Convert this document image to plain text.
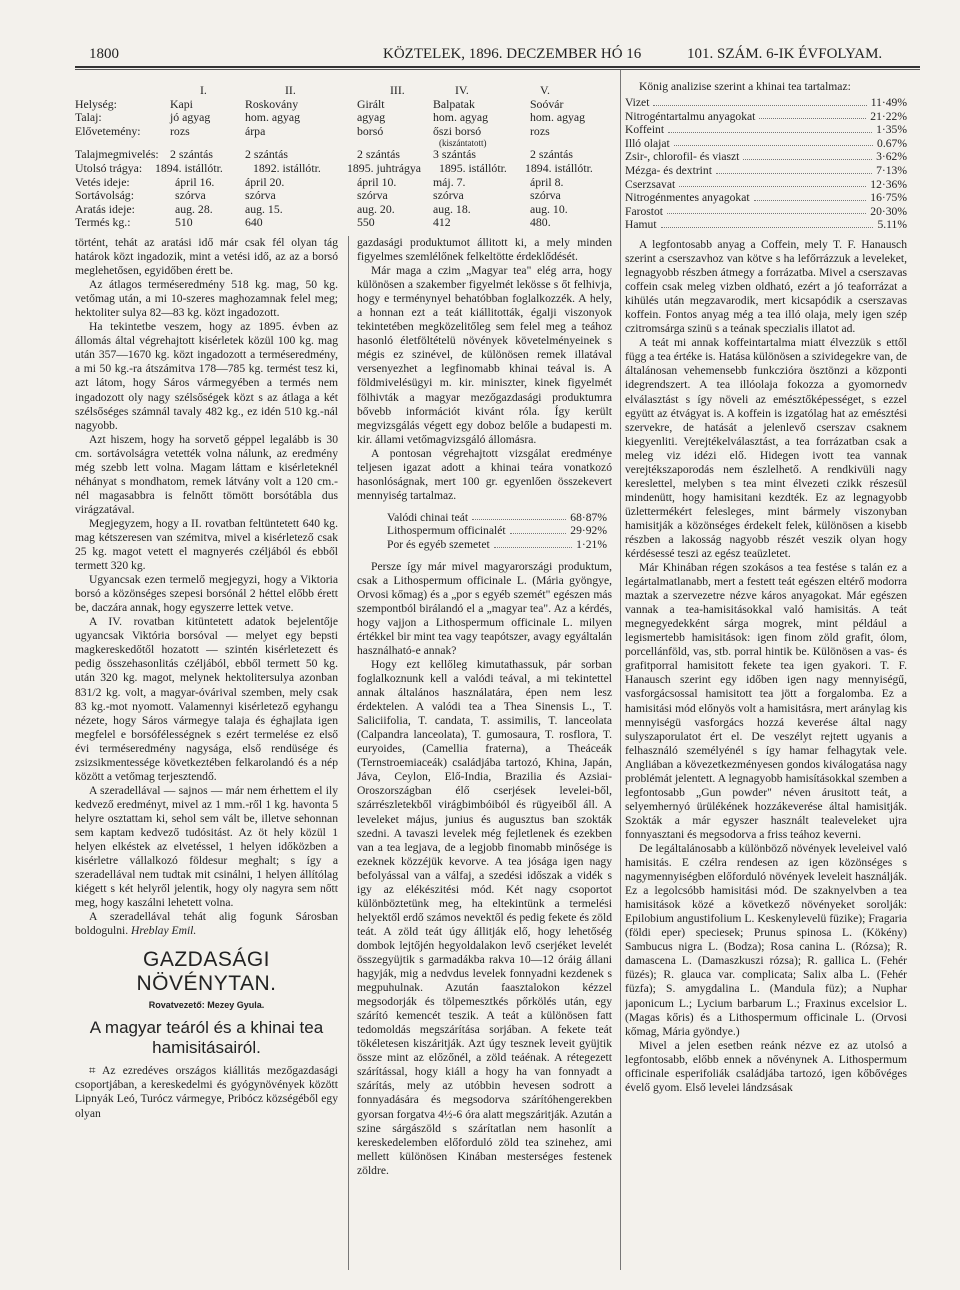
1800	KÖZTELEK, 1896. DECZEMBER HÓ 16	101. SZÁM. 6-IK ÉVFOLYAM.
I.	II.	III.	IV.	V.
Helység:	Kapi	Roskovány	Girált	Balpatak	Soóvár
Talaj:	jó agyag	hom. agyag	agyag	hom. agyag	hom. agyag
Elővetemény: rozs	árpa	borsó	őszi borsó	rozs
(kiszántatott)
Talajmegmivelés: 2 szántás	2 szántás	2 szántás	3 szántás	2 szántás
Utolsó trágya: 1894. istállótr.	1892. istállótr. 1895. juhtrágya 1895. istállótr. 1894. istállótr.
Vetés ideje:	ápril 16.	ápril 20.	ápril 10.	máj. 7.	ápril 8.
Sortávolság:	szórva	szórva	szórva	szórva	szórva
Aratás ideje:	aug. 28.	aug. 15.	aug. 20.	aug. 18.	aug. 10.
Termés kg.:	510	640	550	412	480.

történt, tehát az aratási idő már csak fél olyan tág határok közt ingadozik, mint a vetési idő, az az a borsó meglehetősen, egyidőben érett be.

Az átlagos terméseredmény 518 kg. mag, 50 kg. vetőmag után, a mi 10-szeres maghozamnak felel meg; hektoliter sulya 82—83 kg. közt ingadozott.

Ha tekintetbe veszem, hogy az 1895. évben az állomás által végrehajtott kisérletek közül 100 kg. mag után 357—1670 kg. közt ingadozott a terméseredmény, a mi 50 kg.-ra átszámitva 178—785 kg. termést tesz ki, azt látom, hogy Sáros vármegyében a termés nem ingadozott oly nagy szélsőségek közt s az átlaga a két szélsőséges számnál tavaly 482 kg., ez idén 510 kg.-nál nagyobb.

Azt hiszem, hogy ha sorvető géppel legalább is 30 cm. sortávolságra vetették volna nálunk, az eredmény még szebb lett volna. Magam láttam e kisérleteknél néhányat s mondhatom, remek látvány volt a 120 cm.-nél magasabbra is felnőtt tömött borsótábla dus virágzatával.

Megjegyzem, hogy a II. rovatban feltüntetett 640 kg. mag kétszeresen van szémitva, mivel a kisérletező csak 25 kg. magot vetett el magnyerés czéljából és ebből termett 320 kg.

Ugyancsak ezen termelő megjegyzi, hogy a Viktoria borsó a közönséges szepesi borsónál 2 héttel előbb érett be, daczára annak, hogy egyszerre lettek vetve.

A IV. rovatban kitüntetett adatok bejelentője ugyancsak Viktória borsóval — melyet egy bepsti magkereskedőtől hozatott — szintén kisérletezett és pedig összehasonlitás czéljából, ebből termett 50 kg. után 320 kg. magot, melynek hektolitersulya azonban 831/2 kg. volt, a magyar-óvárival szemben, mely csak 83 kg.-mot nyomott. Valamennyi kisérletező egyhangu nézete, hogy Sáros vármegye talaja és éghajlata igen megfelel e borsófélességnek s ezért termelése ez első évi terméseredmény nagysága, első rendüsége és zsizsikmentessége következtében felkarolandó és a nép között a vetőmag terjesztendő.

A szeradellával — sajnos — már nem érhettem el ily kedvező eredményt, mivel az 1 mm.-ről 1 kg. havonta 5 helyre osztattam ki, sehol sem vált be, illetve sehonnan sem kaptam kedvező tudósitást. Az öt hely közül 1 helyen elkéstek az elvetéssel, 1 helyen időközben a kisérletre vállalkozó földesur meghalt; s így a szeradellával nem tudtak mit csinálni, 1 helyen állítólag kiégett s két helyről jelentik, hogy oly nagyra sem nőtt meg, hogy kaszálni lehetett volna.

A szeradellával tehát alig fogunk Sárosban boldogulni. Hreblay Emil.

GAZDASÁGI NÖVÉNYTAN.
Rovatvezető: Mezey Gyula.
A magyar teáról és a khinai tea hamisitásairól.

⌗ Az ezredéves országos kiállitás mezőgazdasági csoportjában, a kereskedelmi és gyógynövények között Lipnyák Leó, Turócz vármegye, Pribócz községéből egy olyan

gazdasági produktumot állitott ki, a mely minden figyelmes szemlélőnek felkeltötte érdeklődését.

Már maga a czim „Magyar tea" elég arra, hogy különösen a szakember figyelmét lekösse s őt felhivja, hogy e terménynyel behatóbban foglalkozzék. A hely, a honnan ezt a teát kiállitották, égalji viszonyok tekintetében megközelitőleg sem felel meg a teához hasonló életföltételü növények követelményeinek s mégis ez szinével, de különösen remek illatával versenyezhet a legfinomabb khinai teával is. A földmivelésügyi m. kir. miniszter, kinek figyelmét fölhivták a magyar mezőgazdasági produktumra bővebb információt kivánt róla. Így került megvizsgálás végett egy doboz belőle a budapesti m. kir. állami vetőmagvizsgáló állomásra.

A pontosan végrehajtott vizsgálat eredménye teljesen igazat adott a khinai teára vonatkozó hasonlóságnak, mert 100 gr. egyenlően összekevert mennyiség tartalmaz.

Valódi chinai teát	68·87%
Lithospermum officinalét	29·92%
Por és egyéb szemetet	1·21%

Persze így már mivel magyarországi produktum, csak a Lithospermum officinale L. (Mária gyöngye, Orvosi kőmag) és a „por s egyéb szemét" egészen más szempontból birálandó el a „magyar tea". Az a kérdés, hogy vajjon a Lithospermum officinale L. milyen értékkel bir mint tea vagy teapótszer, avagy egyáltalán használható-e annak?

Hogy ezt kellőleg kimutathassuk, pár sorban foglalkoznunk kell a valódi teával, a mi tekintettel annak általános használatára, épen nem lesz érdektelen. A valódi tea a Thea Sinensis L., T. Saliciifolia, T. candata, T. assimilis, T. lanceolata (Calpandra lanceolata), T. gumosaura, T. rosflora, T. euryoides, (Camellia fraterna), a Theáceák (Ternstroemiaceák) családjába tartozó, Khina, Japán, Jáva, Ceylon, Elő-India, Brazilia és Azsiai-Oroszországban élő cserjések levelei-ből, szárrészletekből virágbimbóiból és rügyeiből áll. A leveleket május, junius és augusztus ban szokták szedni. A tavaszi levelek még fejletlenek és ezekben van a tea legjava, de a legjobb finomabb minősége is ezeknek közzéjük kevorve. A tea jósága igen nagy befolyással van a válfaj, a szedési időszak a vidék s igy az elékészitési mód. Két nagy csoportot különböztetünk meg, ha eltekintünk a termelési helyektől erdő számos nevektől és pedig fekete és zöld teát. A zöld teát úgy állitják elő, hogy lehetőség dombok lejtőjén hegyoldalakon levő cserjéket levelét összegyüjtik s garmadákba rakva 10—12 óráig állani hagyják, mig a nedvdus levelek fonnyadni kezdenek s megpuhulnak. Azután faasztalokon kézzel megsodorják és tölpemesztkés pőrkölés után, egy szárító kemencét teszik. A teát a különösen fatt tedomoldás megszárítása sorjában. A fekete teát tökéletesen kiszáritják. Azt úgy tesznek leveit gyüjtik össze mint az előzőnél, a zöld teáénak. A rétegezett szárítással, hogy kiáll a hogy ha van fonnyadt a szárítás, mely az utóbbin hevesen sodrott a fonnyadására és megsodorva szárítóhengerekben gyorsan forgatva 4½-6 óra alatt megszáritják. Azután a szine sárgászöld s szárítatlan nem hasonlít a kereskedelemben előforduló zöld tea szinehez, ami mellett különösen Kinában mesterséges festenek zöldre.

König analizise szerint a khinai tea tartalmaz:

Vizet	11·49%
Nitrogéntartalmu anyagokat	21·22%
Koffeint	1·35%
Illó olajat	0.67%
Zsir-, chlorofil- és viaszt	3·62%
Mézga- és dextrint	7·13%
Cserzsavat	12·36%
Nitrogénmentes anyagokat	16·75%
Farostot	20·30%
Hamut	5.11%

A legfontosabb anyag a Coffein, mely T. F. Hanausch szerint a cserszavhoz van kötve s ha lefőrrázzuk a leveleket, legnagyobb részben átmegy a forrázatba. Mivel a cserszavas coffein csak meleg vizben oldható, ezért a jó teaforrázat a kihülés után megzavarodik, mert kicsapódik a cserszavas koffein. Fontos anyag még a tea illó olaja, mely igen szép czitromsárga szinü s a teának speczialis illatot ad.

A teát mi annak koffeintartalma miatt élvezzük s ettől függ a tea értéke is. Hatása különösen a szividegekre van, de általánosan vehemensebb funkczióra ösztönzi a központi idegrendszert. A tea illóolaja fokozza a gyomornedv elválasztást s így növeli az emésztőképességet, s ezzel együtt az étvágyat is. A koffein is izgatólag hat az emésztési szervekre, de hatását a jelenlevő cserszav csaknem kiegyenliti. Verejtékelválasztást, a tea forrázatban csak a meleg viz idézi elő. Hidegen ivott tea vannak verejtékszaporodás nem észlelhető. A rendkivüli nagy kereslettel, melyben s tea mint élvezeti czikk részesül mindenütt, hogy hamisitani kezdték. Ez az legnagyobb üzlettermékért felesleges, mint bármely viszonyban hamisitják a közönséges érdekelt felek, különösen a kisebb részben a lakosság nagyobb részét veszik olyan hogy kérdésessé teszi az egész teaüzletet.

Már Khinában régen szokásos a tea festése s talán ez a legártalmatlanabb, mert a festett teát egészen eltérő modorra maztak a szervezetre nézve káros anyagokat. Már egészen vannak a tea-hamisitásokkal való hamisitás. A teát megnegyedekként sárga mogrek, mint például a legismertebb hamisitások: igen finom zöld grafit, ólom, porcellánföld, vas, stb. porral hintik be. Különösen a vas- és grafitporral hamisitott fekete tea igen gyakori. T. F. Hanausch szerint egy időben igen nagy mennyiségű, vasforgácsossal hamisitott tea jött a forgalomba. Ez a hamisitási mód előnyös volt a hamisitásra, mert aránylag kis mennyiségü vasforgács hozzá keverése által nagy sulyszaporulatot ért el. De veszélyt rejtett ugyanis a felhasználó személyénél s így hamar felhagytak vele. Angliában a kövezetkezményesen gondos kiválogatása nagy problémát jelentett. A legnagyobb hamisításokkal szemben a legfontosabb „Gun powder" néven árusitott teát, a selyemhernyó ürülékének hozzákeverése által hamisitják. Szokták a már egyszer használt tealeveleket ujra fonnyasztani és megsodorva a friss teához keverni.

De legáltalánosabb a különböző növények leveleivel való hamisitás. E czélra rendesen az igen közönséges s nagymennyiségben előforduló növények leveleit használják. Ez a legolcsóbb hamisitási mód. De szaknyelvben a tea hamisitások közé a következő növényeket sorolják: Epilobium angustifolium L. Keskenylevelü füzike); Fragaria (földi eper) speciesek; Prunus spinosa L. (Kökény) Sambucus nigra L. (Bodza); Rosa canina L. (Rózsa); R. damascena L. (Damaszkuszi rózsa); R. gallica L. (Fehér füzés); R. glauca var. complicata; Salix alba L. (Fehér füzfa); S. amygdalina L. (Mandula füz); a Nuphar japonicum L.; Lycium barbarum L.; Fraxinus excelsior L. (Magas kőris) és a Lithospermum officinale L. (Orvosi kőmag, Mária gyöndye.)

Mivel a jelen esetben reánk nézve ez az utolsó a legfontosabb, előbb ennek a nővénynek A. Lithospermum officinale esperifoliák családjába tartozó, igen kőbővéges évelő gyom. Első levelei lándzsásak
